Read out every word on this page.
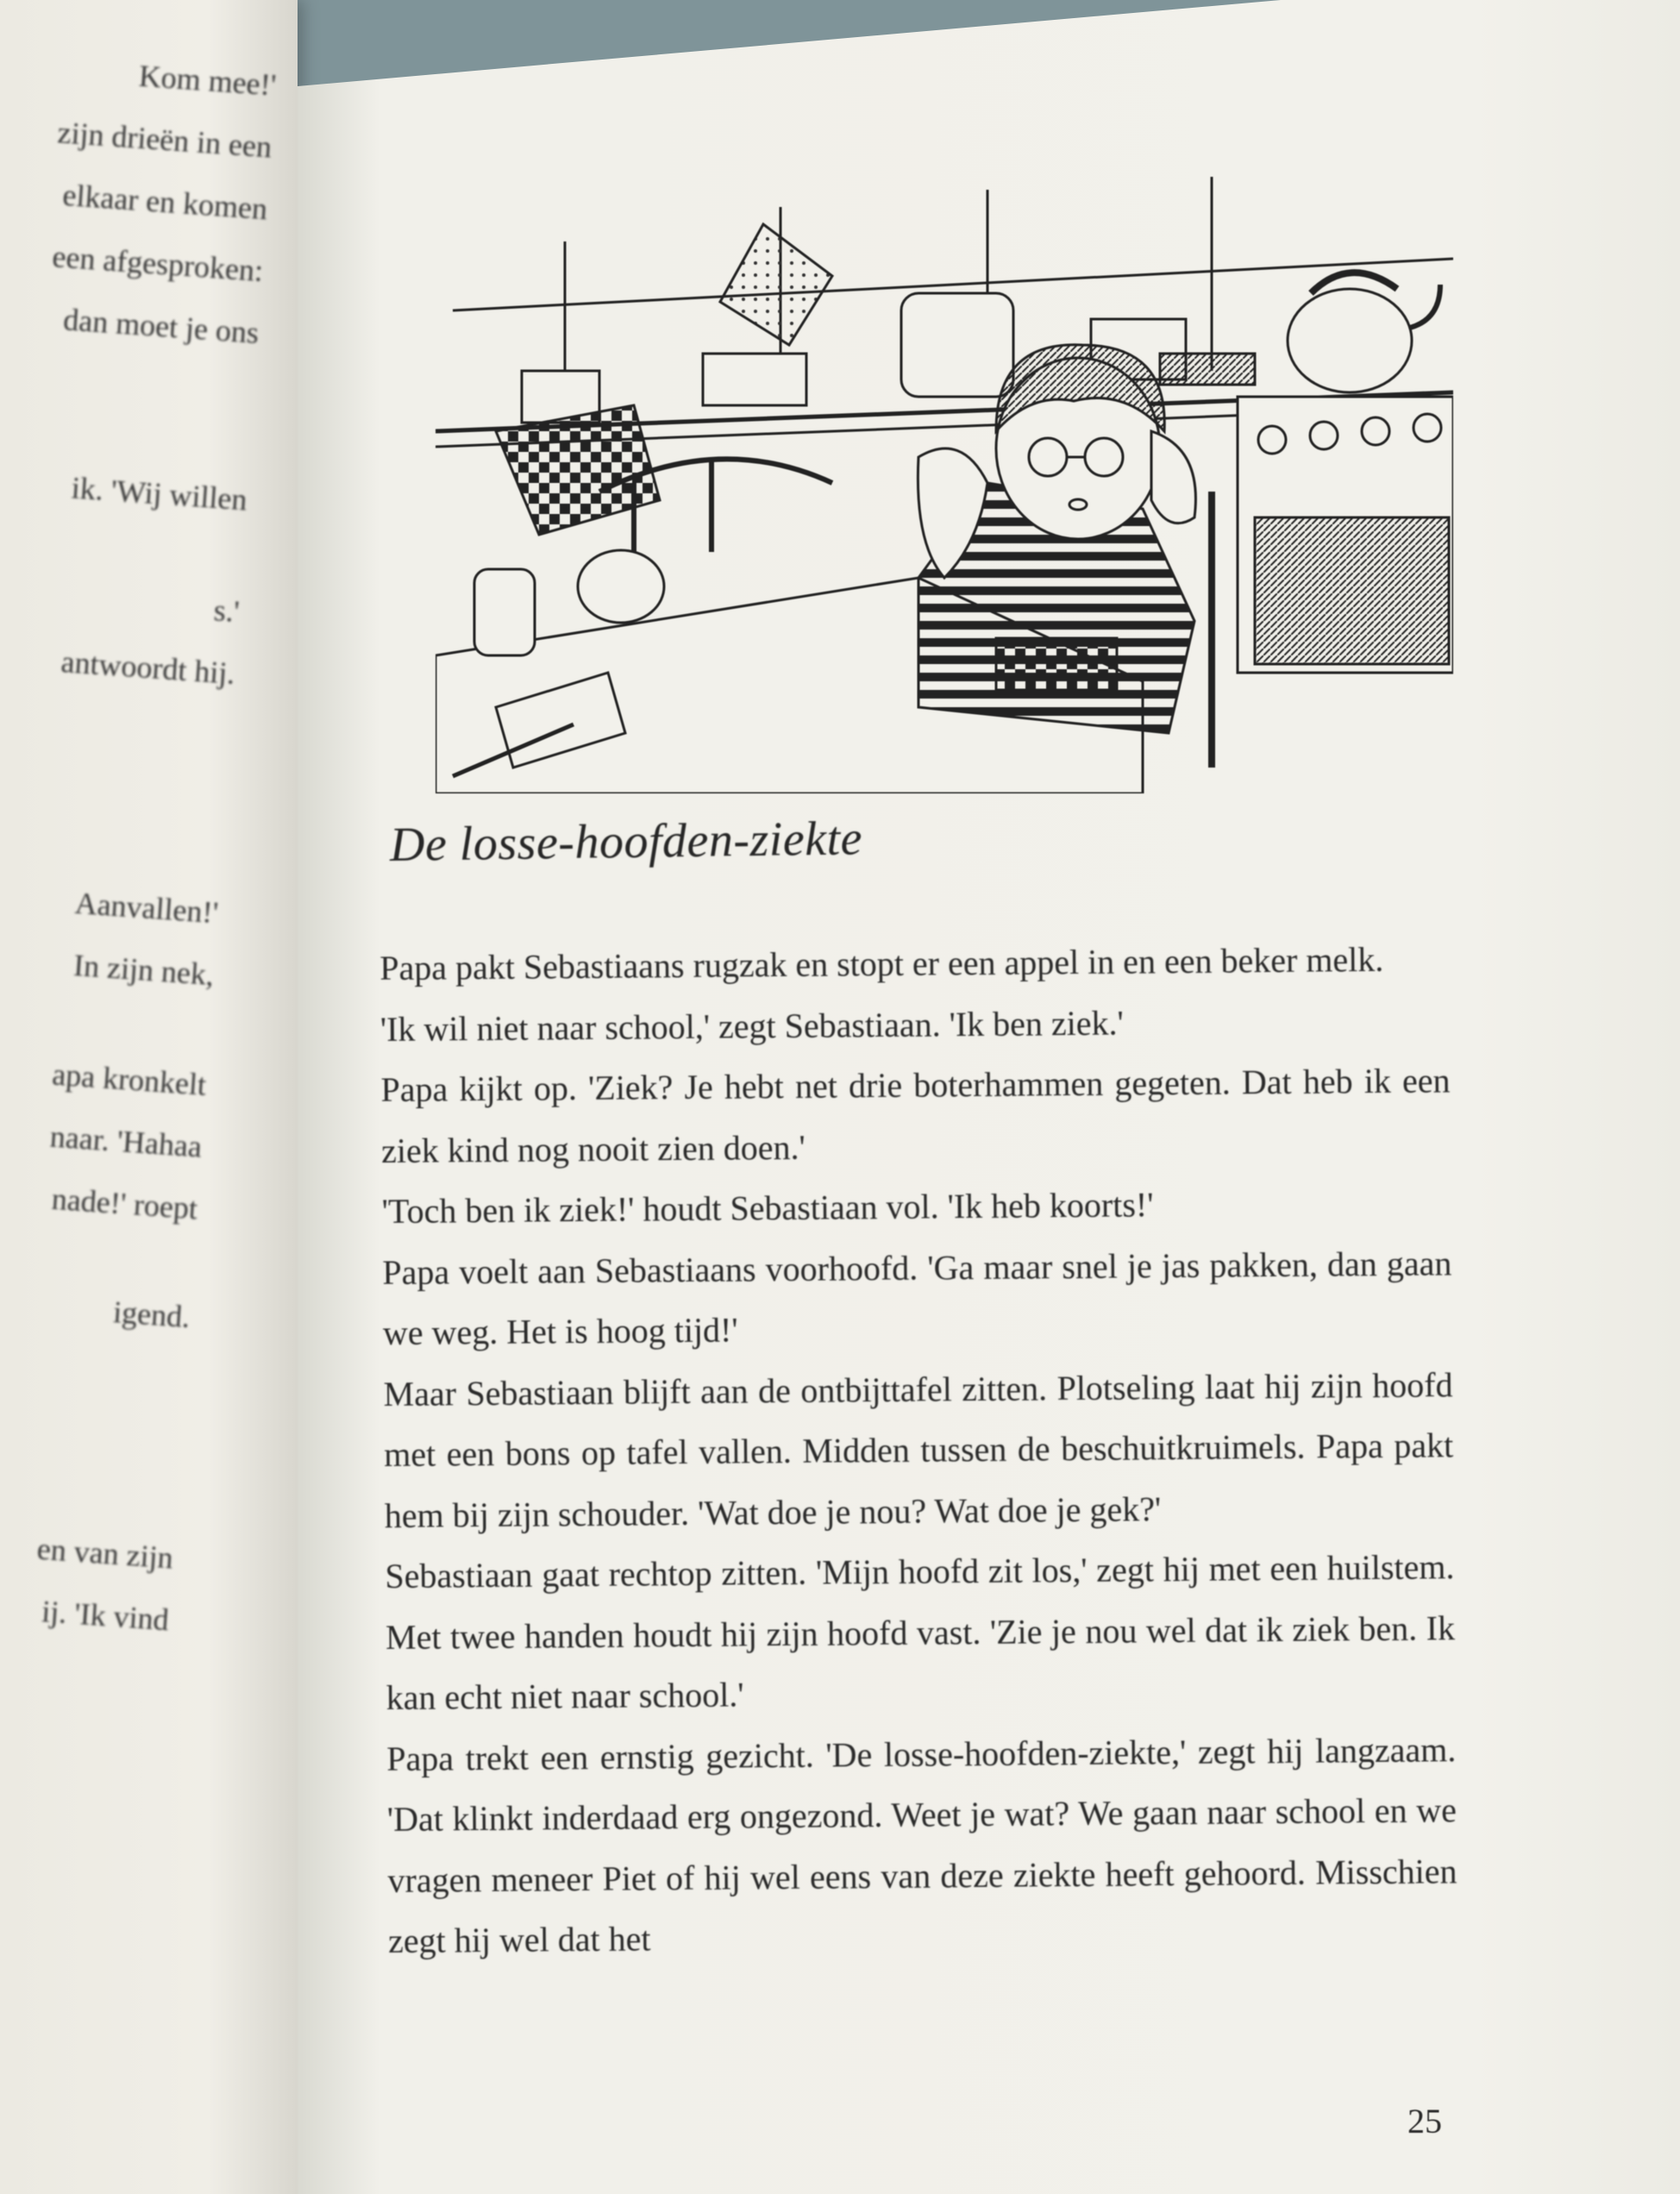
Kom mee!'
zijn drieën in een
elkaar en komen
een afgesproken:
dan moet je ons
ik. 'Wij willen
s.'
antwoordt hij.
Aanvallen!'
In zijn nek,
apa kronkelt
naar. 'Hahaa
nade!' roept
igend.
en van zijn
ij. 'Ik vind
De losse-hoofden-ziekte

Papa pakt Sebastiaans rugzak en stopt er een appel in en een beker melk.

'Ik wil niet naar school,' zegt Sebastiaan. 'Ik ben ziek.'

Papa kijkt op. 'Ziek? Je hebt net drie boterhammen gegeten. Dat heb ik een ziek kind nog nooit zien doen.'

'Toch ben ik ziek!' houdt Sebastiaan vol. 'Ik heb koorts!'

Papa voelt aan Sebastiaans voorhoofd. 'Ga maar snel je jas pakken, dan gaan we weg. Het is hoog tijd!'

Maar Sebastiaan blijft aan de ontbijttafel zitten. Plotseling laat hij zijn hoofd met een bons op tafel vallen. Midden tussen de beschuitkruimels. Papa pakt hem bij zijn schouder. 'Wat doe je nou? Wat doe je gek?'

Sebastiaan gaat rechtop zitten. 'Mijn hoofd zit los,' zegt hij met een huilstem. Met twee handen houdt hij zijn hoofd vast. 'Zie je nou wel dat ik ziek ben. Ik kan echt niet naar school.'

Papa trekt een ernstig gezicht. 'De losse-hoofden-ziekte,' zegt hij langzaam. 'Dat klinkt inderdaad erg ongezond. Weet je wat? We gaan naar school en we vragen meneer Piet of hij wel eens van deze ziekte heeft gehoord. Misschien zegt hij wel dat het

25
